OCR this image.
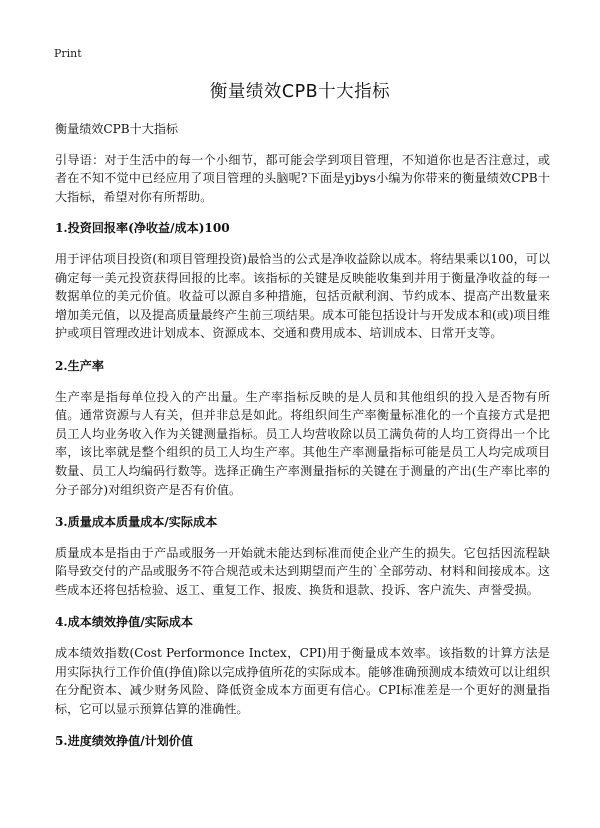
Print
衡量绩效CPB十大指标

衡量绩效CPB十大指标

引导语：对于生活中的每一个小细节，都可能会学到项目管理，不知道你也是否注意过，或者在不知不觉中已经应用了项目管理的头脑呢?下面是yjbys小编为你带来的衡量绩效CPB十大指标，希望对你有所帮助。

1.投资回报率(净收益/成本)100

用于评估项目投资(和项目管理投资)最恰当的公式是净收益除以成本。将结果乘以100，可以确定每一美元投资获得回报的比率。该指标的关键是反映能收集到并用于衡量净收益的每一数据单位的美元价值。收益可以源自多种措施，包括贡献利润、节约成本、提高产出数量来增加美元值，以及提高质量最终产生前三项结果。成本可能包括设计与开发成本和(或)项目维护或项目管理改进计划成本、资源成本、交通和费用成本、培训成本、日常开支等。

2.生产率

生产率是指每单位投入的产出量。生产率指标反映的是人员和其他组织的投入是否物有所值。通常资源与人有关，但并非总是如此。将组织间生产率衡量标准化的一个直接方式是把员工人均业务收入作为关键测量指标。员工人均营收除以员工满负荷的人均工资得出一个比率，该比率就是整个组织的员工人均生产率。其他生产率测量指标可能是员工人均完成项目数量、员工人均编码行数等。选择正确生产率测量指标的关键在于测量的产出(生产率比率的分子部分)对组织资产是否有价值。

3.质量成本质量成本/实际成本

质量成本是指由于产品或服务一开始就未能达到标准而使企业产生的损失。它包括因流程缺陷导致交付的产品或服务不符合规范或未达到期望而产生的`全部劳动、材料和间接成本。这些成本还将包括检验、返工、重复工作、报废、换货和退款、投诉、客户流失、声誉受损。

4.成本绩效挣值/实际成本

成本绩效指数(Cost Performonce Inctex，CPI)用于衡量成本效率。该指数的计算方法是用实际执行工作价值(挣值)除以完成挣值所花的实际成本。能够准确预测成本绩效可以让组织在分配资本、减少财务风险、降低资金成本方面更有信心。CPI标准差是一个更好的测量指标，它可以显示预算估算的准确性。

5.进度绩效挣值/计划价值
